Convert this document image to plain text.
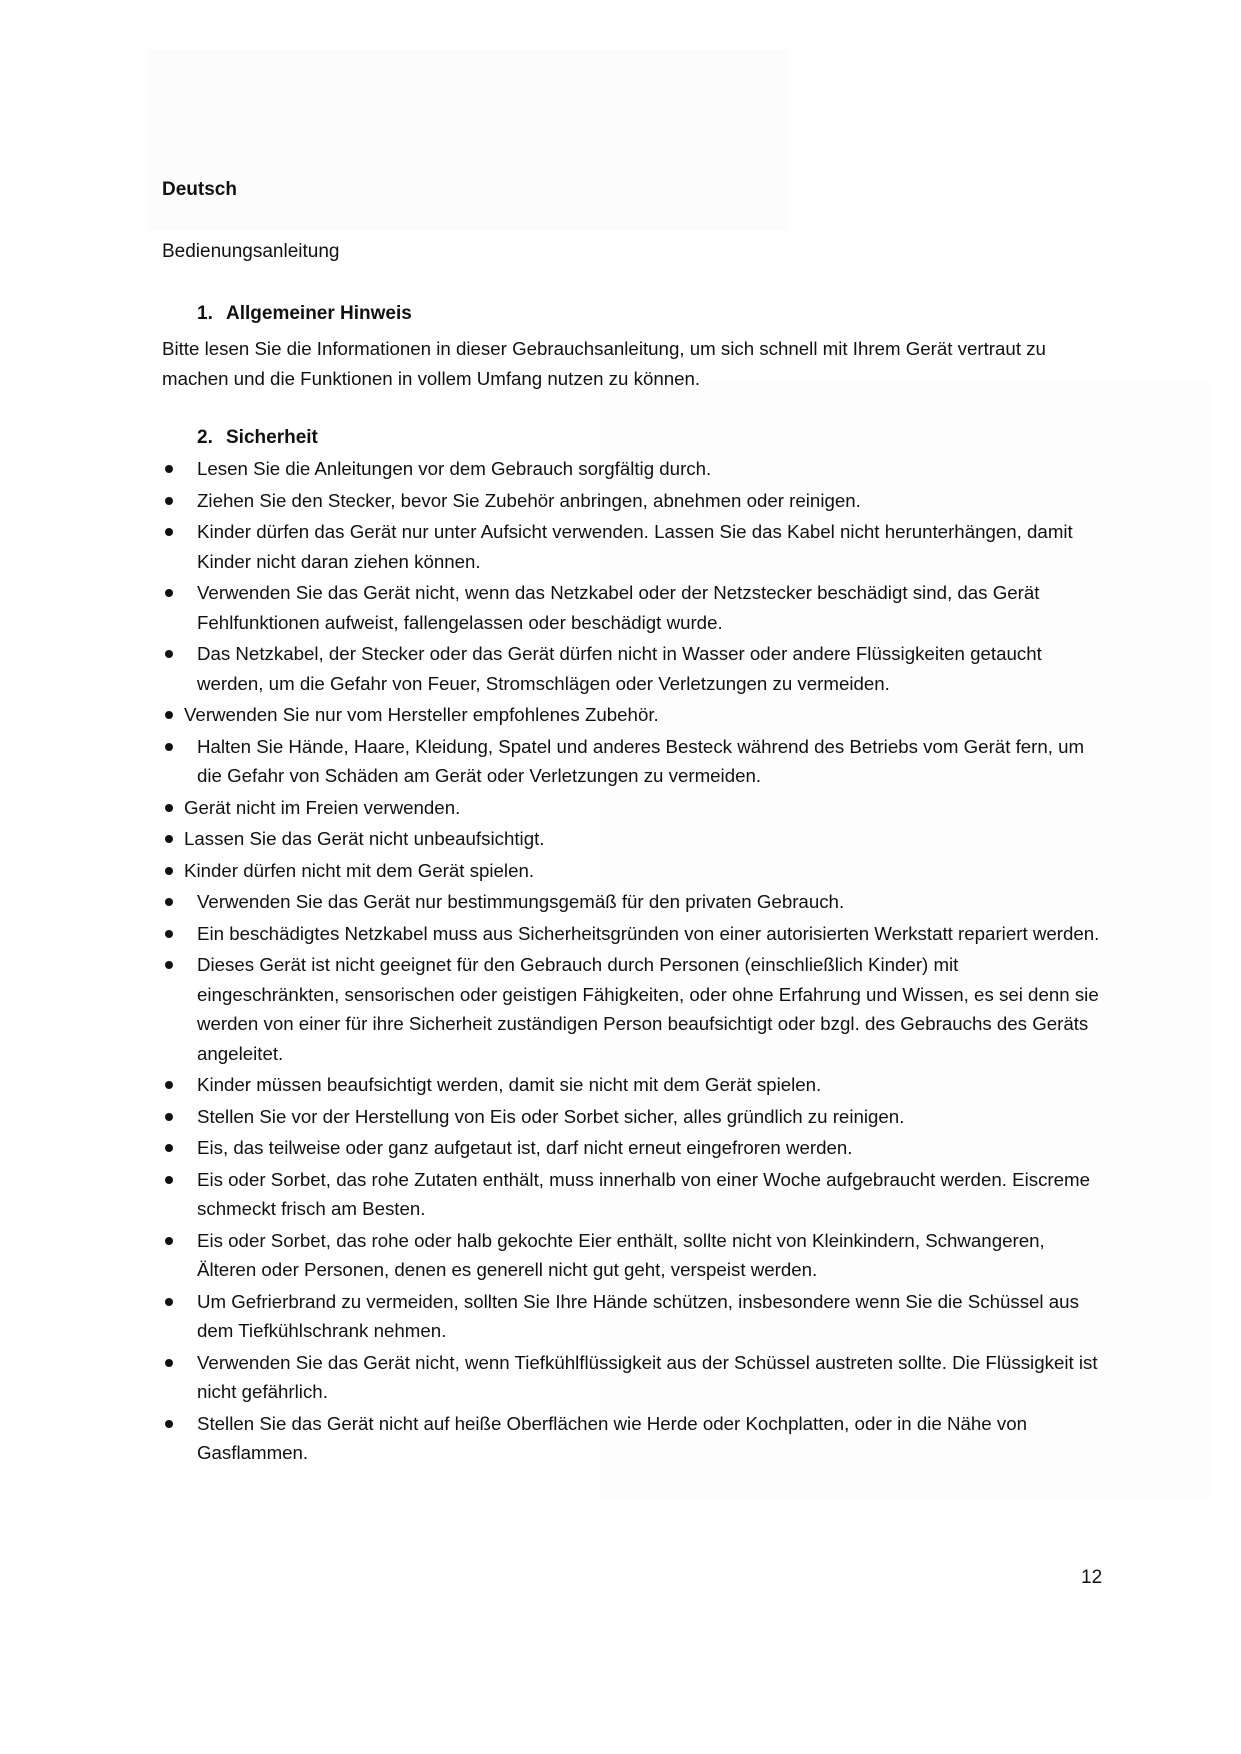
Deutsch

Bedienungsanleitung

1. Allgemeiner Hinweis

Bitte lesen Sie die Informationen in dieser Gebrauchsanleitung, um sich schnell mit Ihrem Gerät vertraut zu machen und die Funktionen in vollem Umfang nutzen zu können.

2. Sicherheit

Lesen Sie die Anleitungen vor dem Gebrauch sorgfältig durch.
Ziehen Sie den Stecker, bevor Sie Zubehör anbringen, abnehmen oder reinigen.
Kinder dürfen das Gerät nur unter Aufsicht verwenden. Lassen Sie das Kabel nicht herunterhängen, damit Kinder nicht daran ziehen können.
Verwenden Sie das Gerät nicht, wenn das Netzkabel oder der Netzstecker beschädigt sind, das Gerät Fehlfunktionen aufweist, fallengelassen oder beschädigt wurde.
Das Netzkabel, der Stecker oder das Gerät dürfen nicht in Wasser oder andere Flüssigkeiten getaucht werden, um die Gefahr von Feuer, Stromschlägen oder Verletzungen zu vermeiden.
Verwenden Sie nur vom Hersteller empfohlenes Zubehör.
Halten Sie Hände, Haare, Kleidung, Spatel und anderes Besteck während des Betriebs vom Gerät fern, um die Gefahr von Schäden am Gerät oder Verletzungen zu vermeiden.
Gerät nicht im Freien verwenden.
Lassen Sie das Gerät nicht unbeaufsichtigt.
Kinder dürfen nicht mit dem Gerät spielen.
Verwenden Sie das Gerät nur bestimmungsgemäß für den privaten Gebrauch.
Ein beschädigtes Netzkabel muss aus Sicherheitsgründen von einer autorisierten Werkstatt repariert werden.
Dieses Gerät ist nicht geeignet für den Gebrauch durch Personen (einschließlich Kinder) mit eingeschränkten, sensorischen oder geistigen Fähigkeiten, oder ohne Erfahrung und Wissen, es sei denn sie werden von einer für ihre Sicherheit zuständigen Person beaufsichtigt oder bzgl. des Gebrauchs des Geräts angeleitet.
Kinder müssen beaufsichtigt werden, damit sie nicht mit dem Gerät spielen.
Stellen Sie vor der Herstellung von Eis oder Sorbet sicher, alles gründlich zu reinigen.
Eis, das teilweise oder ganz aufgetaut ist, darf nicht erneut eingefroren werden.
Eis oder Sorbet, das rohe Zutaten enthält, muss innerhalb von einer Woche aufgebraucht werden. Eiscreme schmeckt frisch am Besten.
Eis oder Sorbet, das rohe oder halb gekochte Eier enthält, sollte nicht von Kleinkindern, Schwangeren, Älteren oder Personen, denen es generell nicht gut geht, verspeist werden.
Um Gefrierbrand zu vermeiden, sollten Sie Ihre Hände schützen, insbesondere wenn Sie die Schüssel aus dem Tiefkühlschrank nehmen.
Verwenden Sie das Gerät nicht, wenn Tiefkühlflüssigkeit aus der Schüssel austreten sollte. Die Flüssigkeit ist nicht gefährlich.
Stellen Sie das Gerät nicht auf heiße Oberflächen wie Herde oder Kochplatten, oder in die Nähe von Gasflammen.

12
